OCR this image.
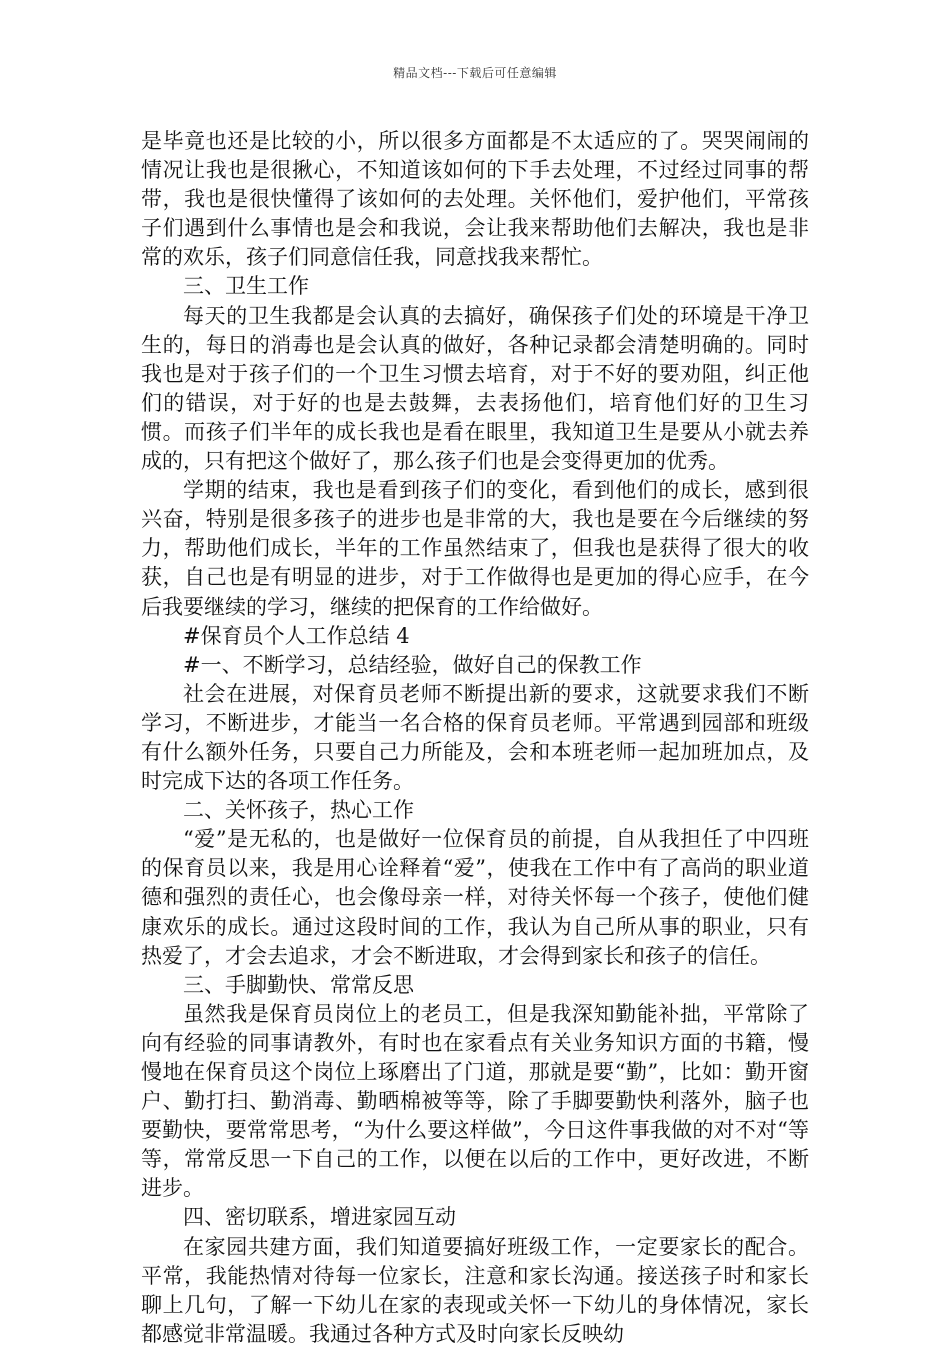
精品文档---下载后可任意编辑

是毕竟也还是比较的小，所以很多方面都是不太适应的了。哭哭闹闹的情况让我也是很揪心，不知道该如何的下手去处理，不过经过同事的帮带，我也是很快懂得了该如何的去处理。关怀他们，爱护他们，平常孩子们遇到什么事情也是会和我说，会让我来帮助他们去解决，我也是非常的欢乐，孩子们同意信任我，同意找我来帮忙。

三、卫生工作

每天的卫生我都是会认真的去搞好，确保孩子们处的环境是干净卫生的，每日的消毒也是会认真的做好，各种记录都会清楚明确的。同时我也是对于孩子们的一个卫生习惯去培育，对于不好的要劝阻，纠正他们的错误，对于好的也是去鼓舞，去表扬他们，培育他们好的卫生习惯。而孩子们半年的成长我也是看在眼里，我知道卫生是要从小就去养成的，只有把这个做好了，那么孩子们也是会变得更加的优秀。

学期的结束，我也是看到孩子们的变化，看到他们的成长，感到很兴奋，特别是很多孩子的进步也是非常的大，我也是要在今后继续的努力，帮助他们成长，半年的工作虽然结束了，但我也是获得了很大的收获，自己也是有明显的进步，对于工作做得也是更加的得心应手，在今后我要继续的学习，继续的把保育的工作给做好。

#保育员个人工作总结 4

#一、不断学习，总结经验，做好自己的保教工作

社会在进展，对保育员老师不断提出新的要求，这就要求我们不断学习，不断进步，才能当一名合格的保育员老师。平常遇到园部和班级有什么额外任务，只要自己力所能及，会和本班老师一起加班加点，及时完成下达的各项工作任务。

二、关怀孩子，热心工作

“爱”是无私的，也是做好一位保育员的前提，自从我担任了中四班的保育员以来，我是用心诠释着“爱”，使我在工作中有了高尚的职业道德和强烈的责任心，也会像母亲一样，对待关怀每一个孩子，使他们健康欢乐的成长。通过这段时间的工作，我认为自己所从事的职业，只有热爱了，才会去追求，才会不断进取，才会得到家长和孩子的信任。

三、手脚勤快、常常反思

虽然我是保育员岗位上的老员工，但是我深知勤能补拙，平常除了向有经验的同事请教外，有时也在家看点有关业务知识方面的书籍，慢慢地在保育员这个岗位上琢磨出了门道，那就是要“勤”，比如：勤开窗户、勤打扫、勤消毒、勤晒棉被等等，除了手脚要勤快利落外，脑子也要勤快，要常常思考，“为什么要这样做”，今日这件事我做的对不对“等等，常常反思一下自己的工作，以便在以后的工作中，更好改进，不断进步。

四、密切联系，增进家园互动

在家园共建方面，我们知道要搞好班级工作，一定要家长的配合。平常，我能热情对待每一位家长，注意和家长沟通。接送孩子时和家长聊上几句，了解一下幼儿在家的表现或关怀一下幼儿的身体情况，家长都感觉非常温暖。我通过各种方式及时向家长反映幼
